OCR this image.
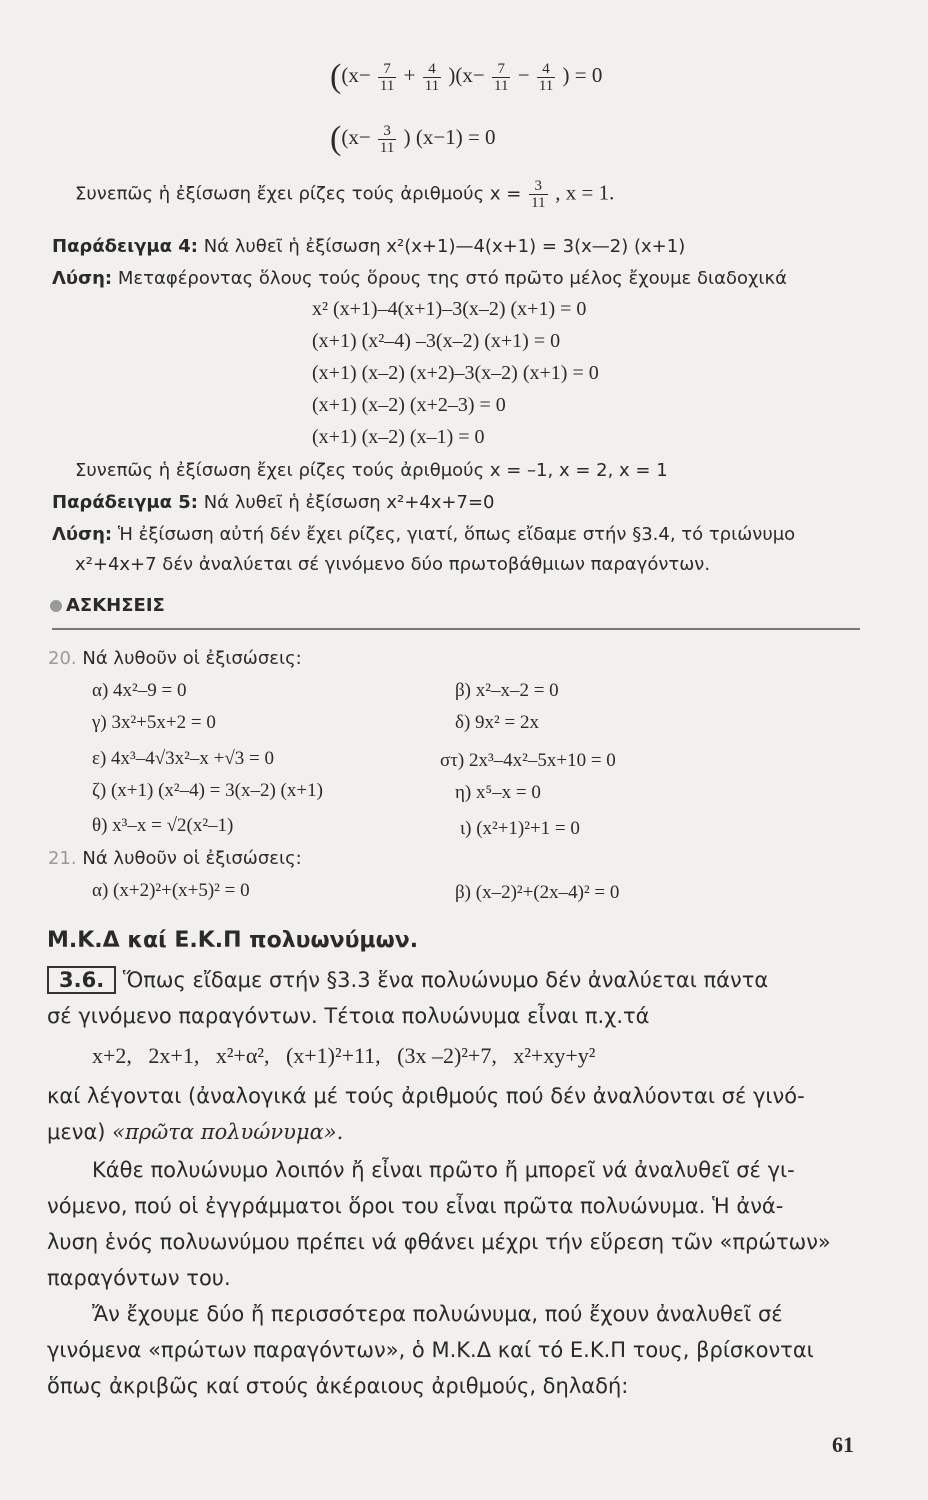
($(x- \frac{7}{11} + \frac{4}{11} )(x- \frac{7}{11} - \frac{4}{11}$ ) = 0
(($x- \frac{3}{11}$ ) (x−1) = 0
Συνεπῶς ἡ ἐξίσωση ἔχει ρίζες τούς ἀριθμούς $x = \frac{3}{11}$ , x = 1.
Παράδειγμα 4: Νά λυθεῖ ἡ ἐξίσωση x²(x+1)—4(x+1) = 3(x—2) (x+1)
Λύση: Μεταφέροντας ὅλους τούς ὅρους της στό πρῶτο μέλος ἔχουμε διαδοχικά
x² (x+1)–4(x+1)–3(x–2) (x+1) = 0
(x+1) (x²–4) –3(x–2) (x+1) = 0
(x+1) (x–2) (x+2)–3(x–2) (x+1) = 0
(x+1) (x–2) (x+2–3) = 0
(x+1) (x–2) (x–1) = 0
Συνεπῶς ἡ ἐξίσωση ἔχει ρίζες τούς ἀριθμούς x = –1, x = 2, x = 1
Παράδειγμα 5: Νά λυθεῖ ἡ ἐξίσωση x²+4x+7=0
Λύση: Ἡ ἐξίσωση αὐτή δέν ἔχει ρίζες, γιατί, ὅπως εἴδαμε στήν §3.4, τό τριώνυμο
x²+4x+7 δέν ἀναλύεται σέ γινόμενο δύο πρωτοβάθμιων παραγόντων.
ΑΣΚΗΣΕΙΣ
20. Νά λυθοῦν οἱ ἐξισώσεις:
α) 4x²–9 = 0	β) x²–x–2 = 0
γ) 3x²+5x+2 = 0	δ) 9x² = 2x
ε) 4x³–4√3x²–x +√3 = 0	στ) 2x³–4x²–5x+10 = 0
ζ) (x+1) (x²–4) = 3(x–2) (x+1)	η) x⁵–x = 0
θ) x³–x = √2(x²–1)	ι) (x²+1)²+1 = 0
21. Νά λυθοῦν οἱ ἐξισώσεις:
α) (x+2)²+(x+5)² = 0	β) (x–2)²+(2x–4)² = 0
Μ.Κ.Δ καί Ε.Κ.Π πολυωνύμων.
3.6. Ὅπως εἴδαμε στήν §3.3 ἕνα πολυώνυμο δέν ἀναλύεται πάντα
σέ γινόμενο παραγόντων. Τέτοια πολυώνυμα εἶναι π.χ.τά
x+2,   2x+1,   x²+α²,   (x+1)²+11,   (3x –2)²+7,   x²+xy+y²
καί λέγονται (ἀναλογικά μέ τούς ἀριθμούς πού δέν ἀναλύονται σέ γινό-
μενα) «πρῶτα πολυώνυμα».
Κάθε πολυώνυμο λοιπόν ἤ εἶναι πρῶτο ἤ μπορεῖ νά ἀναλυθεῖ σέ γι-
νόμενο, πού οἱ ἐγγράμματοι ὅροι του εἶναι πρῶτα πολυώνυμα. Ἡ ἀνά-
λυση ἑνός πολυωνύμου πρέπει νά φθάνει μέχρι τήν εὕρεση τῶν «πρώτων»
παραγόντων του.
Ἄν ἔχουμε δύο ἤ περισσότερα πολυώνυμα, πού ἔχουν ἀναλυθεῖ σέ
γινόμενα «πρώτων παραγόντων», ὁ Μ.Κ.Δ καί τό Ε.Κ.Π τους, βρίσκονται
ὅπως ἀκριβῶς καί στούς ἀκέραιους ἀριθμούς, δηλαδή:
61
